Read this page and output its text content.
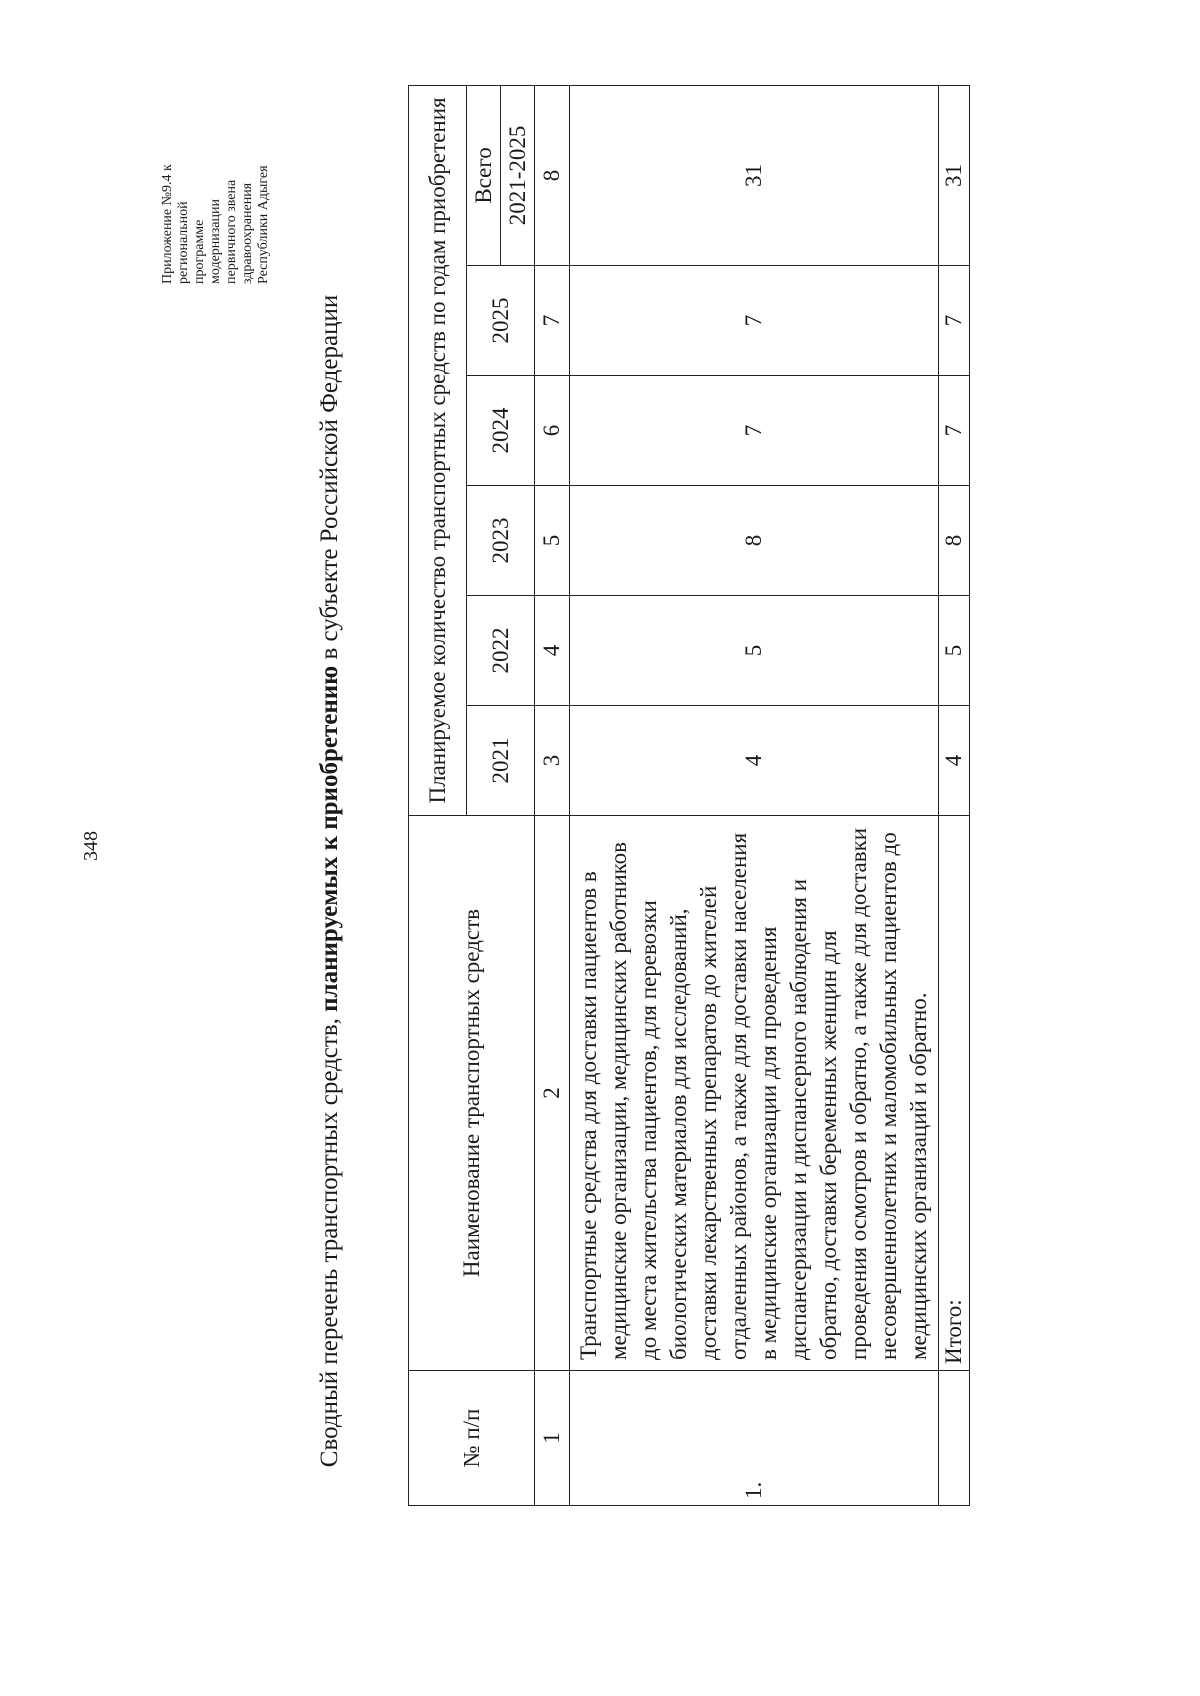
348
Приложение №9.4 к региональной программе модернизации первичного звена здравоохранения Республики Адыгея
Сводный перечень транспортных средств, планируемых к приобретению в субъекте Российской Федерации
№ п/п	Наименование транспортных средств	Планируемое количество транспортных средств по годам приобретения					
		2021	2022	2023	2024	2025	Всего
							2021-2025
1	2	3	4	5	6	7	8
1.	Транспортные средства для доставки пациентов в медицинские организации, медицинских работников до места жительства пациентов, для перевозки биологических материалов для исследований, доставки лекарственных препаратов до жителей отдаленных районов, а также для доставки населения в медицинские организации для проведения диспансеризации и диспансерного наблюдения и обратно, доставки беременных женщин для проведения осмотров и обратно, а также для доставки несовершеннолетних и маломобильных пациентов до медицинских организаций и обратно.	4	5	8	7	7	31
	Итого:	4	5	8	7	7	31
